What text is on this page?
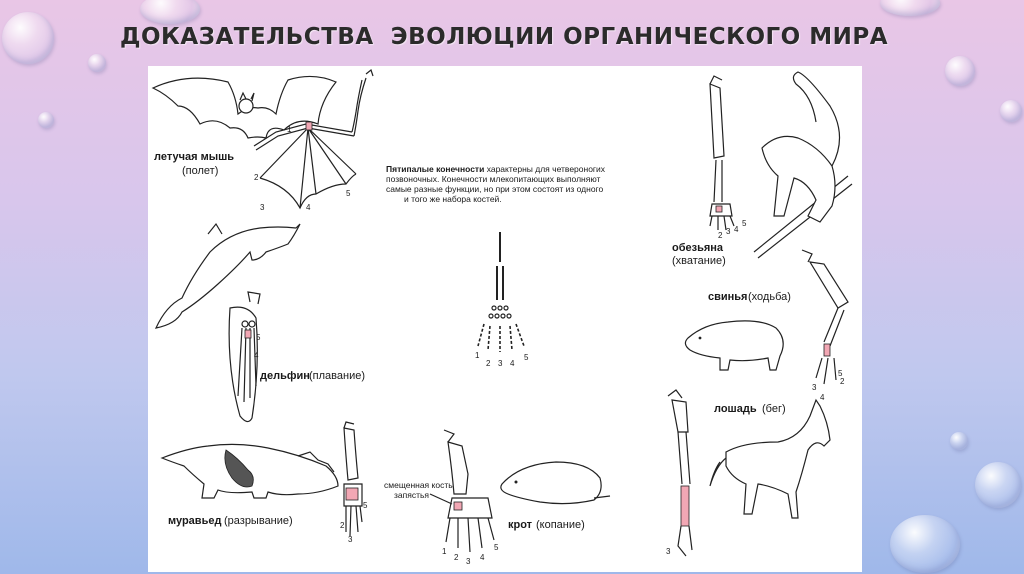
ДОКАЗАТЕЛЬСТВА  ЭВОЛЮЦИИ ОРГАНИЧЕСКОГО МИРА
1
2
3	4
5
летучая мышь
(полет)
5
4
дельфин (плавание)
5
2
3
муравьед (разрывание)
Пятипалые конечности характерны для четвероногих
позвоночных. Конечности млекопитающих выполняют
самые разные функции, но при этом состоят из одного
и того же набора костей.
1
2 3 4
5
1
2 3 4
5
смещенная кость
запястья
крот (копание)
2 3 4
5
обезьяна
(хватание)
3
4
5
2
свинья (ходьба)
3
лошадь (бег)
